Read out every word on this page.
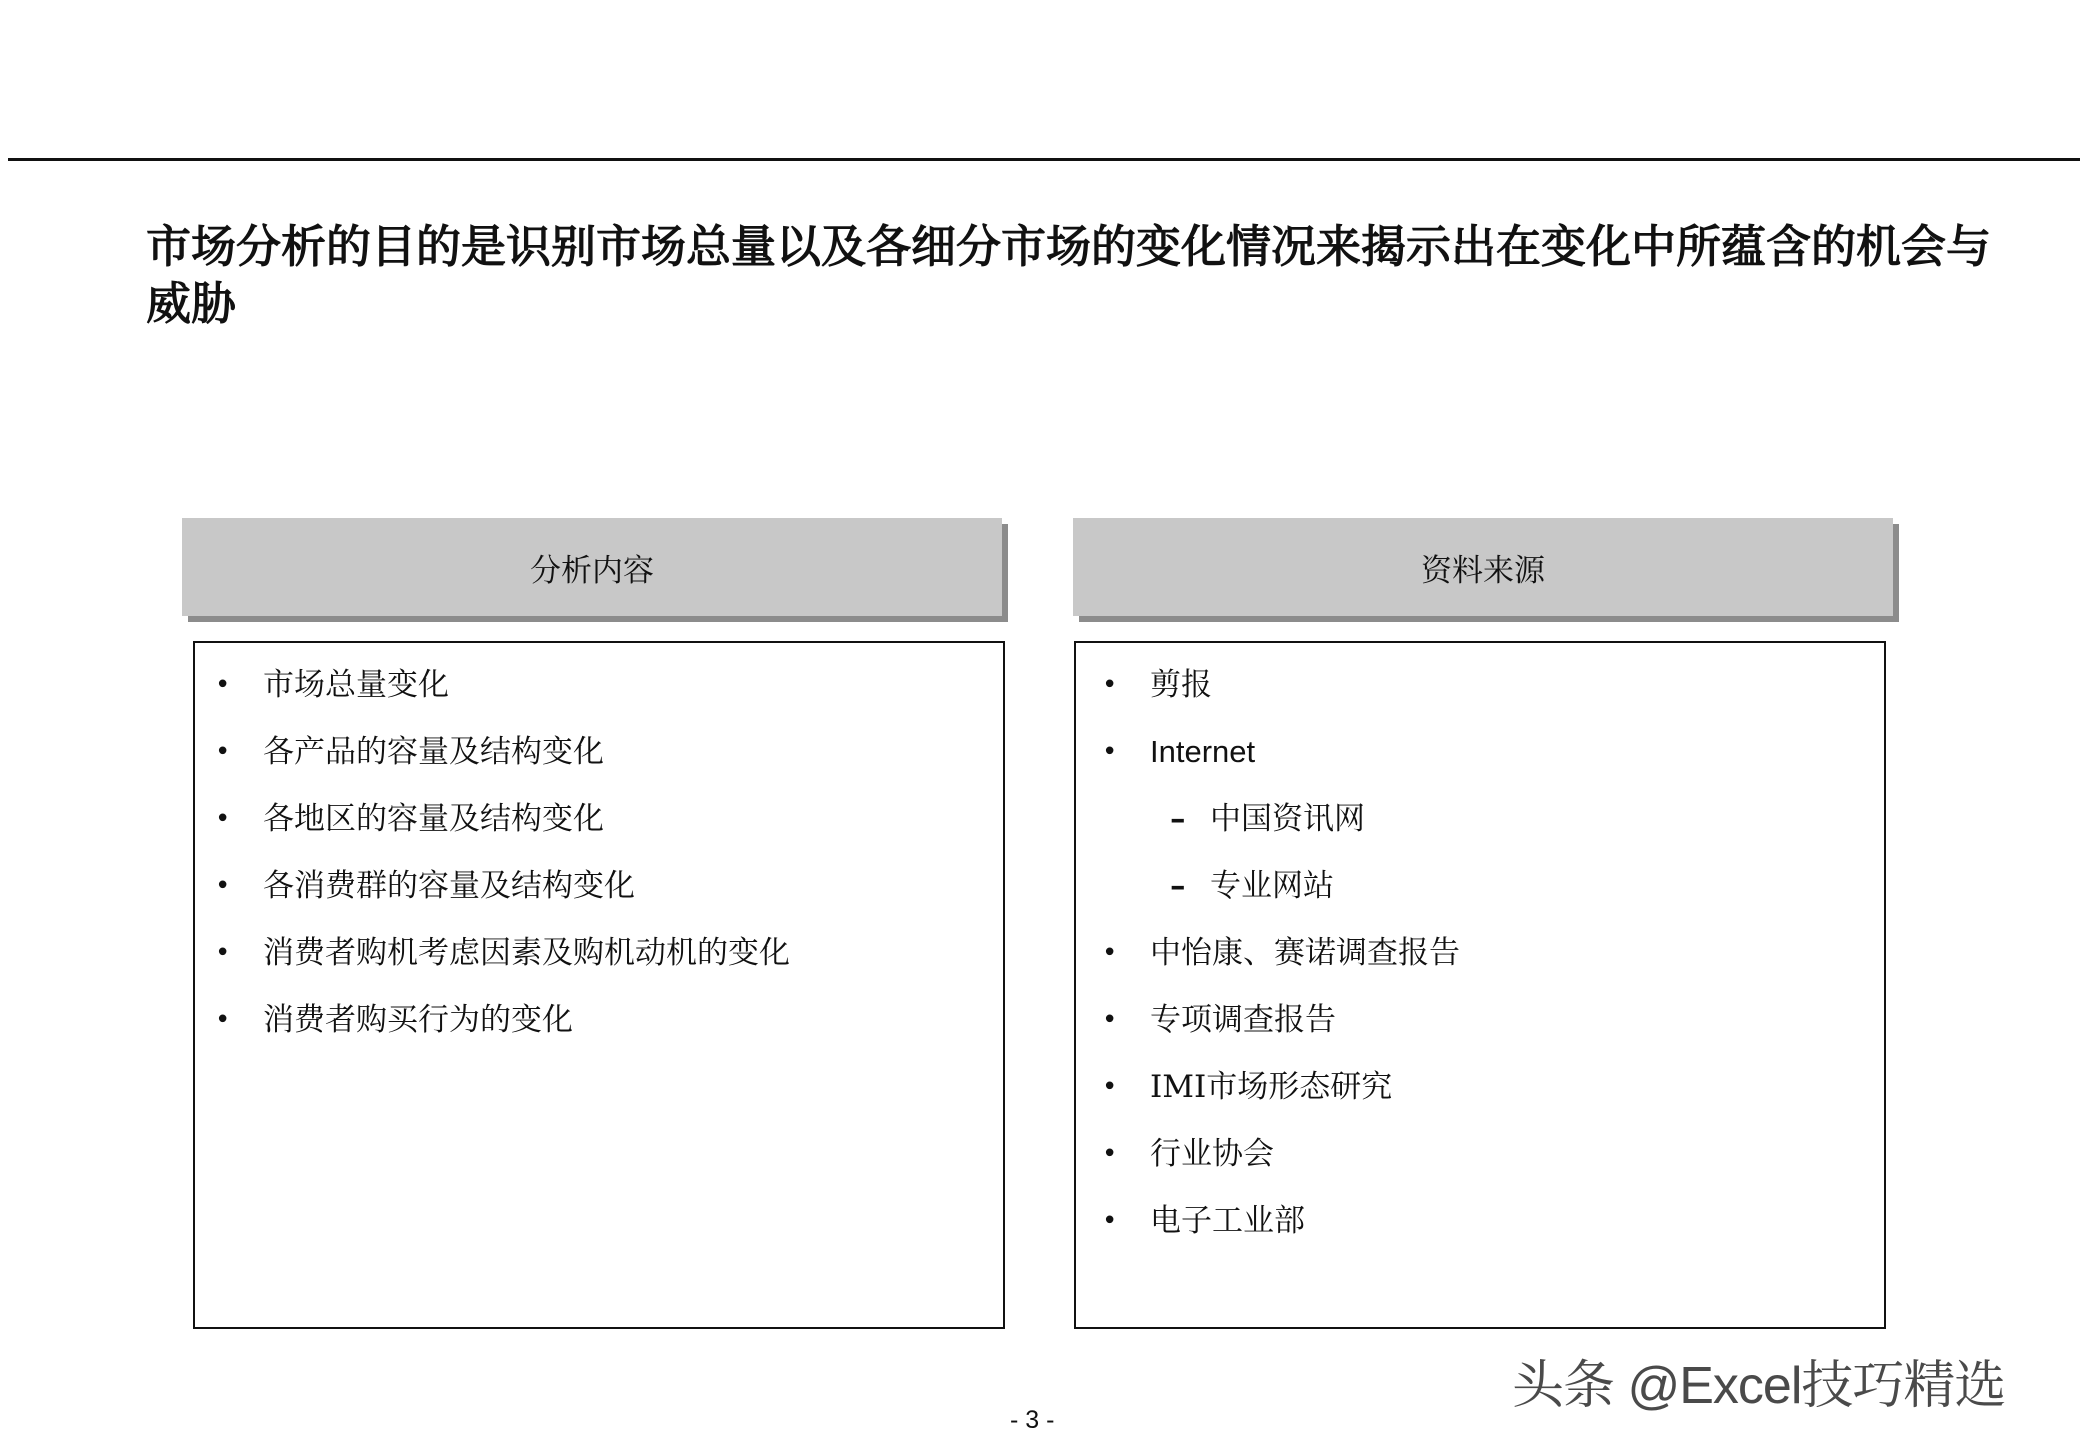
市场分析的目的是识别市场总量以及各细分市场的变化情况来揭示出在变化中所蕴含的机会与威胁
分析内容
• 市场总量变化
• 各产品的容量及结构变化
• 各地区的容量及结构变化
• 各消费群的容量及结构变化
• 消费者购机考虑因素及购机动机的变化
• 消费者购买行为的变化
资料来源
• 剪报
• Internet
– 中国资讯网
– 专业网站
• 中怡康、赛诺调查报告
• 专项调查报告
• IMI市场形态研究
• 行业协会
• 电子工业部
头条 @Excel技巧精选
- 3 -
